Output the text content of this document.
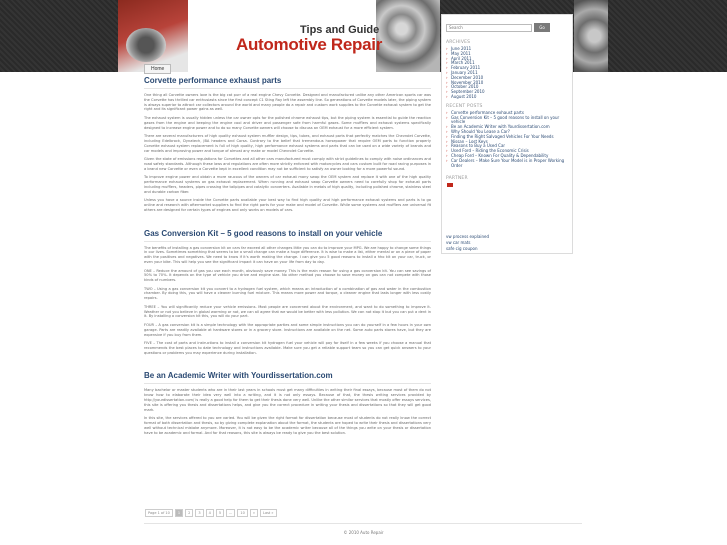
Tips and Guide
Automotive Repair
Home
Corvette performance exhaust parts

One thing all Corvette owners love is the big cat purr of a real engine Chevy Corvette. Designed and manufactured unlike any other American sports car was the Corvette has thrilled car enthusiasts since the first concept C1 Sting Ray left the assembly line. So generations of Corvette models later, the piping system is always superior to attract car collectors around the world and many people do a repair and custom work supplies to the Corvette exhaust system to get the right and its significant power gains as well.

The exhaust system is usually hidden unless the car owner opts for the polished chrome exhaust tips, but the piping system is essential to guide the reaction gases from the engine and keeping the engine cool and driver and passenger safe from harmful gases. Some mufflers and exhaust systems specifically designed to increase engine power and to do so many Corvette owners will choose to discuss an OEM exhaust for a more efficient system.

There are several manufacturers of high quality exhaust system muffler design, tips, tubes, and exhaust parts that perfectly matches the Chevrolet Corvette, including Edelbrock, Dynatech, JBA headers and Corsa. Contrary to the belief that tremendous horsepower that require OEM parts to function properly Corvette exhaust system replacement is full of high quality, high performance exhaust systems and parts that can be used on a wide variety of brands and car models and improving power and torque of almost any make or model Chevrolet Corvette.

Given the state of emissions regulations for Corvettes and all other cars manufactured must comply with strict guidelines to comply with noise ordinances and road safety standards. Although these laws and regulations are often more strictly enforced with motorcycles and cars custom built for road racing purposes in a brand new Corvette or even a Corvette kept in excellent condition may not be sufficient to satisfy an owner looking for a more powerful sound.

To improve engine power and obtain a more raucous of the owners of car exhaust many swap the OEM system and replace it with one of the high quality performance exhaust systems on gas exhaust replacement. When running and exhaust swap Corvette owners need to carefully shop for exhaust parts including mufflers, headers, pipes crossing the tailpipes and catalytic converters. Available in metals of high quality, including polished chrome, stainless steel and durable carbon fiber.

Unless you have a source inside the Corvette parts available your best way to find high quality and high performance exhaust systems and parts is to go online and research with aftermarket suppliers to find the right parts for your make and model of Corvette. While some systems and mufflers are universal fit others are designed for certain types of engines and only works on models of cars.

Gas Conversion Kit – 5 good reasons to install on your vehicle

The benefits of installing a gas conversion kit on cars far exceed all other changes little you can do to improve your MPG. We are happy to change some things in our lives. Sometimes something that seems to be a small change can make a huge difference. It is wise to make a list, either mental or on a piece of paper with the positives and negatives. We need to know if it's worth making the change. I can give you 5 good reasons to install a hho kit on your car, truck, or even your bike. This will help you see the significant impact it can have on your life from day to day.

ONE – Reduce the amount of gas you use each month, obviously save money. This is the main reason for using a gas conversion kit. You can see savings of 50% to 70%. It depends on the type of vehicle you drive and engine size. No other method you choose to save money on gas can not compete with those kinds of numbers.

TWO – Using a gas conversion kit you convert to a hydrogen fuel system, which means an introduction of a combination of gas and water in the combustion chamber. By doing this, you will have a cleaner burning fuel mixture. This means more power and torque, a cleaner engine that lasts longer with less costly repairs.

THREE – You will significantly reduce your vehicle emissions. Most people are concerned about the environment, and want to do something to improve it. Weather or not you believe in global warming or not, we can all agree that we would be better with less pollution. We can not stop it but you can put a dent in it. By installing a conversion kit this, you will do your part.

FOUR – A gas conversion kit is a simple technology with the appropriate parties and some simple instructions you can do yourself in a few hours in your own garage. Parts are readily available at hardware stores or in a grocery store. Instructions are available on the net. Some auto parts stores have, but they are expensive if you buy from them.

FIVE – The cost of parts and instructions to install a conversion kit hydrogen fuel your vehicle will pay for itself in a few weeks if you choose a manual that recommends the best places to date technology and instructions available. Make sure you get a reliable support team so you can get quick answers to your questions or problems you may experience during installation.

Be an Academic Writer with Yourdissertation.com

Many bachelor or master students who are in their last years in schools must get many difficulties in writing their final essays, because most of them do not know how to elaborate their idea very well into a writing, and it is not only essays. Because of that, the thesis writing services provided by http://yourdissertation.com/ is really a good help for them to get their thesis done very well. Unlike the other similar services that mostly offer essays services, this site is offering you thesis and dissertations helps, and give you the correct procedure in writing your thesis and dissertations so that they will get good mark.

In this site, the services offered to you are varied. You will be given the right format for dissertation because most of students do not really know the correct format of both dissertation and thesis, so by giving complete explanation about the format, the students are hoped to write their thesis and dissertations very well without technical mistake anymore. Moreover, it is not easy to be the academic writer because all of the things you write on your thesis or dissertation have to be academic and formal. And for that reasons, this site is always be ready to give you the best solution.

Search
Go
ARCHIVES
› June 2011
› May 2011
› April 2011
› March 2011
› February 2011
› January 2011
› December 2010
› November 2010
› October 2010
› September 2010
› August 2010
RECENT POSTS
› Corvette performance exhaust parts
› Gas Conversion Kit – 5 good reasons to install on your vehicle
› Be an Academic Writer with Yourdissertation.com
› Why Should You Lease a Car?
› Finding the Right Salvaged Vehicles For Your Needs
› Nissan – Lost Keys
› Reasons to Buy a Used Car
› Used Ford – Riding the Economic Crisis
› Cheap Ford – Known For Quality & Dependability
› Car Dealers – Make Sure Your Model is in Proper Working Order
PARTNER
vw process explained
vw car mats
safe cig coupon
Page 1 of 10	1	2	3	4	5	...	10	»	Last »
© 2010 Auto Repair
